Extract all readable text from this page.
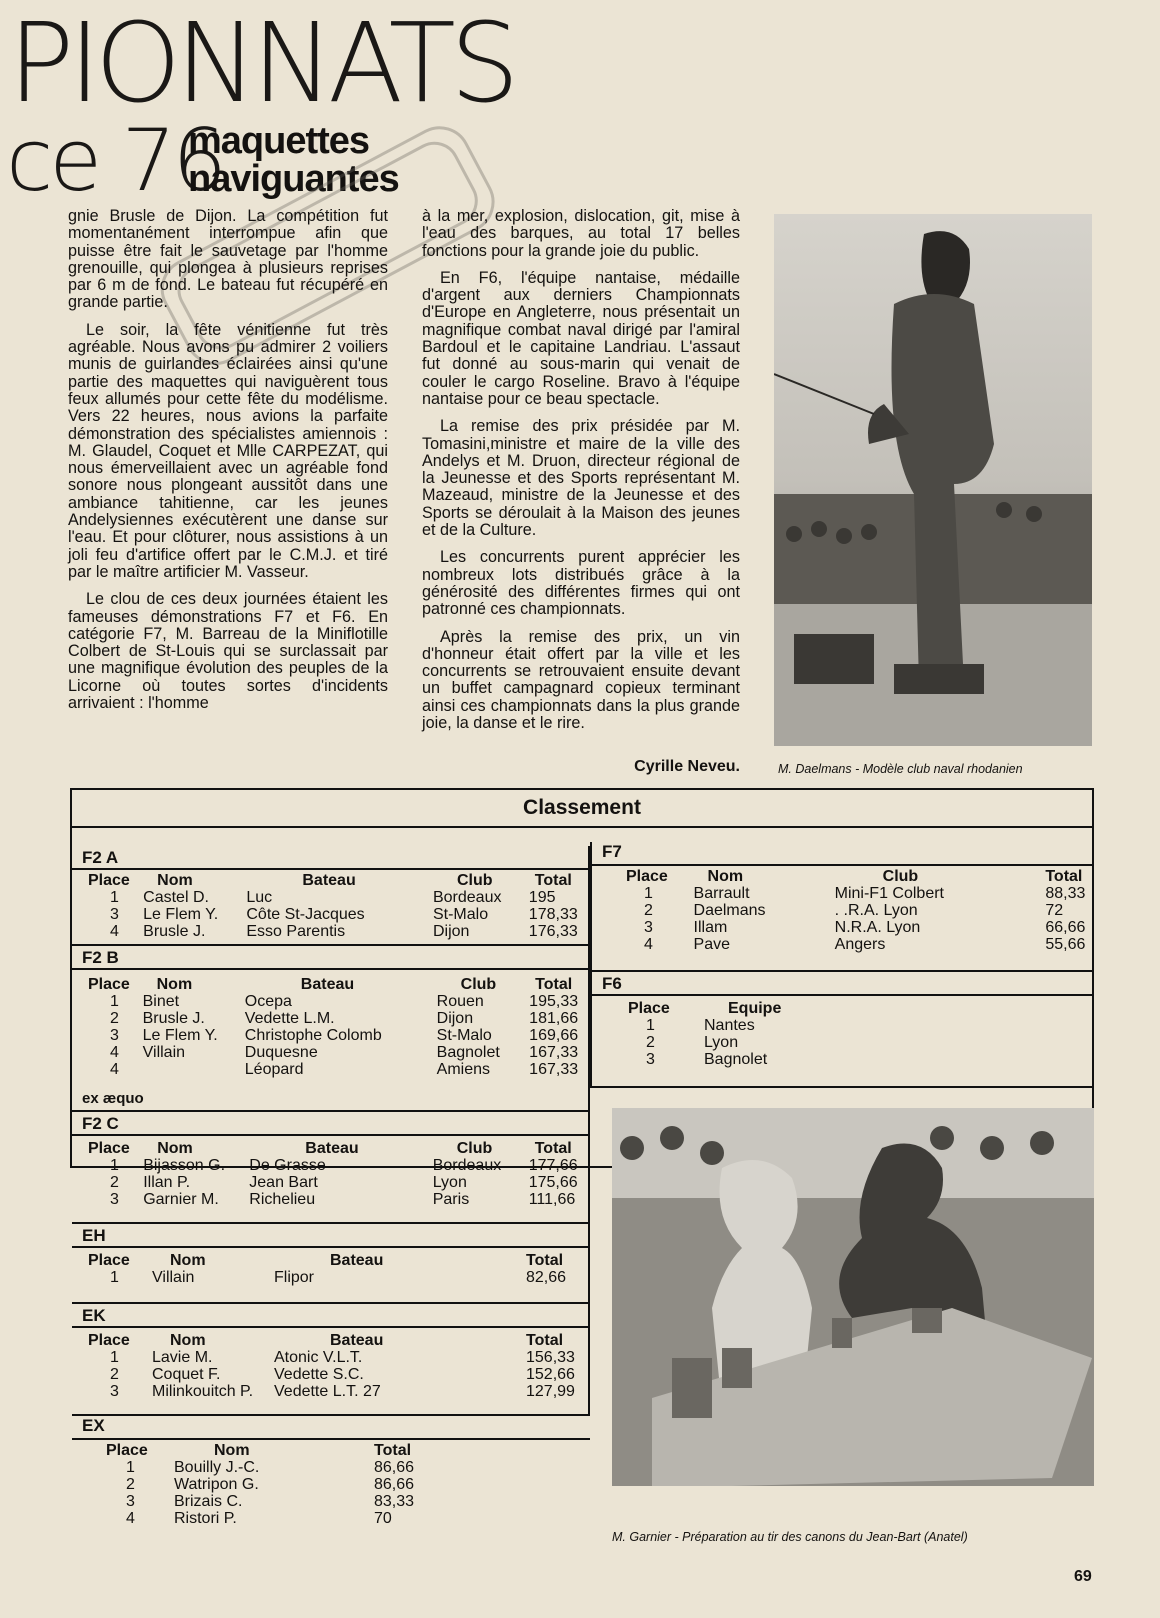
PIONNATS
ce 76
maquettes
naviguantes

gnie Brusle de Dijon. La compétition fut momentanément interrompue afin que puisse être fait le sauvetage par l'homme grenouille, qui plongea à plusieurs reprises par 6 m de fond. Le bateau fut récupéré en grande partie.

Le soir, la fête vénitienne fut très agréable. Nous avons pu admirer 2 voiliers munis de guirlandes éclairées ainsi qu'une partie des maquettes qui naviguèrent tous feux allumés pour cette fête du modélisme. Vers 22 heures, nous avions la parfaite démonstration des spécialistes amiennois : M. Glaudel, Coquet et Mlle CARPEZAT, qui nous émerveillaient avec un agréable fond sonore nous plongeant aussitôt dans une ambiance tahitienne, car les jeunes Andelysiennes exécutèrent une danse sur l'eau. Et pour clôturer, nous assistions à un joli feu d'artifice offert par le C.M.J. et tiré par le maître artificier M. Vasseur.

Le clou de ces deux journées étaient les fameuses démonstrations F7 et F6. En catégorie F7, M. Barreau de la Miniflotille Colbert de St-Louis qui se surclassait par une magnifique évolution des peuples de la Licorne où toutes sortes d'incidents arrivaient : l'homme

à la mer, explosion, dislocation, git, mise à l'eau des barques, au total 17 belles fonctions pour la grande joie du public.

En F6, l'équipe nantaise, médaille d'argent aux derniers Championnats d'Europe en Angleterre, nous présentait un magnifique combat naval dirigé par l'amiral Bardoul et le capitaine Landriau. L'assaut fut donné au sous-marin qui venait de couler le cargo Roseline. Bravo à l'équipe nantaise pour ce beau spectacle.

La remise des prix présidée par M. Tomasini,ministre et maire de la ville des Andelys et M. Druon, directeur régional de la Jeunesse et des Sports représentant M. Mazeaud, ministre de la Jeunesse et des Sports se déroulait à la Maison des jeunes et de la Culture.

Les concurrents purent apprécier les nombreux lots distribués grâce à la générosité des différentes firmes qui ont patronné ces championnats.

Après la remise des prix, un vin d'honneur était offert par la ville et les concurrents se retrouvaient ensuite devant un buffet campagnard copieux terminant ainsi ces championnats dans la plus grande joie, la danse et le rire.

Cyrille Neveu.	M. Daelmans - Modèle club naval rhodanien
Classement
F2 A
Place	Nom	Bateau	Club	Total
1	Castel D.	Luc	Bordeaux	195
3	Le Flem Y.	Côte St-Jacques	St-Malo	178,33
4	Brusle J.	Esso Parentis	Dijon	176,33
F2 B
Place	Nom	Bateau	Club	Total
1	Binet	Ocepa	Rouen	195,33
2	Brusle J.	Vedette L.M.	Dijon	181,66
3	Le Flem Y.	Christophe Colomb	St-Malo	169,66
4	Villain	Duquesne	Bagnolet	167,33
4		Léopard	Amiens	167,33
ex æquo
F2 C
Place	Nom	Bateau	Club	Total
1	Bijasson G.	De Grasse	Bordeaux	177,66
2	Illan P.	Jean Bart	Lyon	175,66
3	Garnier M.	Richelieu	Paris	111,66
EH
Place	Nom	Bateau	Total
1	Villain	Flipor	82,66
EK
Place	Nom	Bateau	Total
1	Lavie M.	Atonic V.L.T.	156,33
2	Coquet F.	Vedette S.C.	152,66
3	Milinkouitch P.	Vedette L.T. 27	127,99
EX
Place	Nom	Total
1	Bouilly J.-C.	86,66
2	Watripon G.	86,66
3	Brizais C.	83,33
4	Ristori P.	70
F7
Place	Nom	Club	Total
1	Barrault	Mini-F1 Colbert	88,33
2	Daelmans	. .R.A. Lyon	72
3	Illam	N.R.A. Lyon	66,66
4	Pave	Angers	55,66
F6
Place	Equipe
1	Nantes
2	Lyon
3	Bagnolet
M. Garnier - Préparation au tir des canons du Jean-Bart (Anatel)
69
